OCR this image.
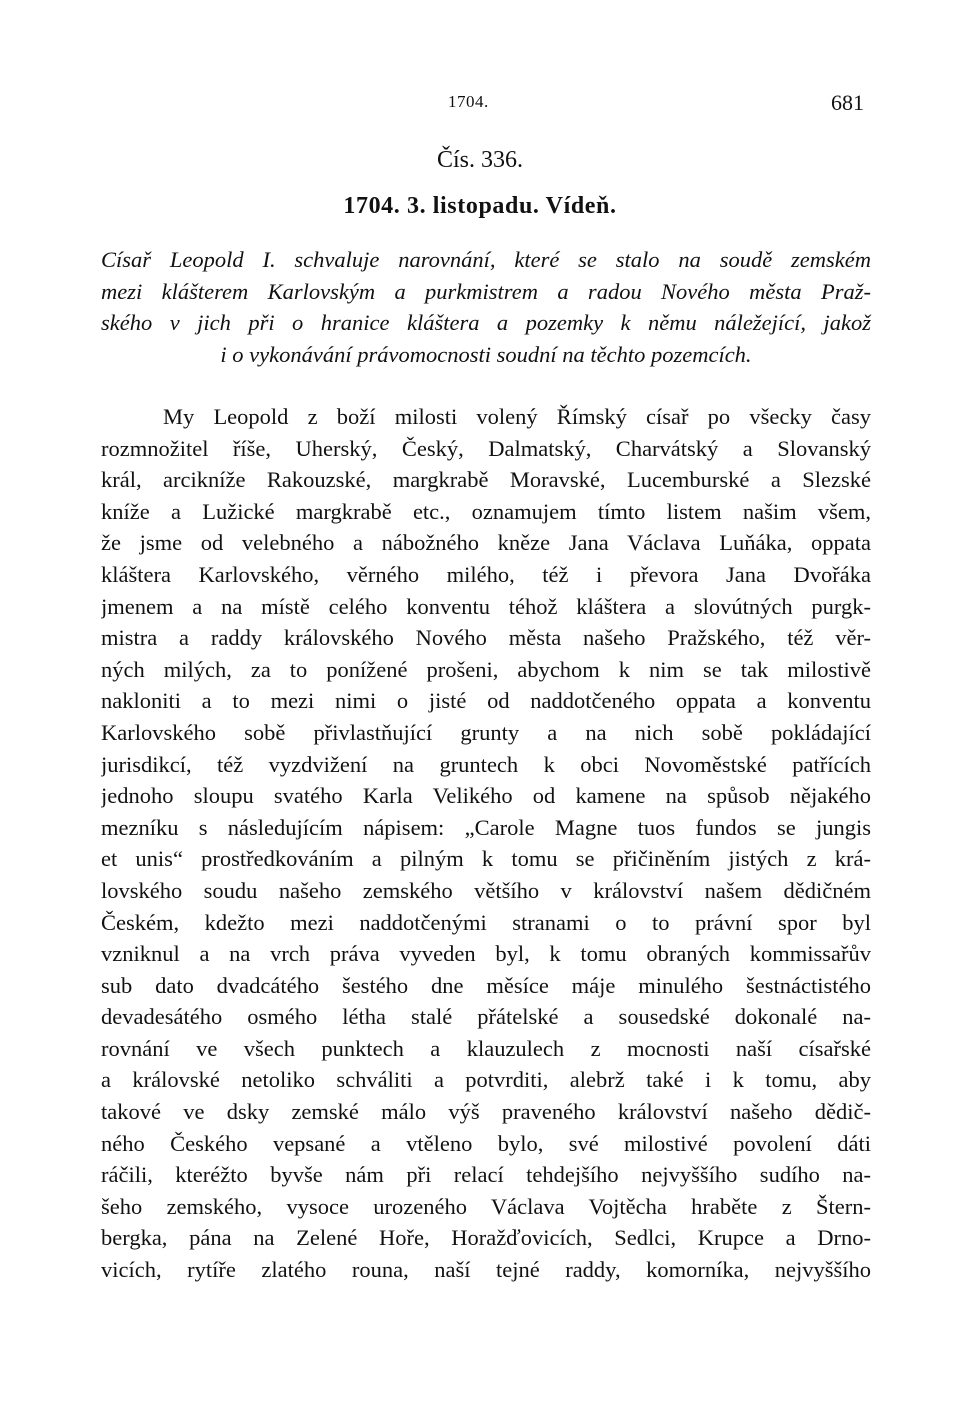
1704.	681
Čís. 336.
1704. 3. listopadu. Vídeň.
Císař Leopold I. schvaluje narovnání, které se stalo na soudě zemském
mezi klášterem Karlovským a purkmistrem a radou Nového města Praž-
ského v jich při o hranice kláštera a pozemky k němu náležející, jakož
i o vykonávání právomocnosti soudní na těchto pozemcích.
My Leopold z boží milosti volený Římský císař po všecky časy
rozmnožitel říše, Uherský, Český, Dalmatský, Charvátský a Slovanský
král, arcikníže Rakouzské, margkrabě Moravské, Lucemburské a Slezské
kníže a Lužické margkrabě etc., oznamujem tímto listem našim všem,
že jsme od velebného a nábožného kněze Jana Václava Luňáka, oppata
kláštera Karlovského, věrného milého, též i převora Jana Dvořáka
jmenem a na místě celého konventu téhož kláštera a slovútných purgk-
mistra a raddy královského Nového města našeho Pražského, též věr-
ných milých, za to ponížené prošeni, abychom k nim se tak milostivě
nakloniti a to mezi nimi o jisté od naddotčeného oppata a konventu
Karlovského sobě přivlastňující grunty a na nich sobě pokládající
jurisdikcí, též vyzdvižení na gruntech k obci Novoměstské patřících
jednoho sloupu svatého Karla Velikého od kamene na spůsob nějakého
mezníku s následujícím nápisem: „Carole Magne tuos fundos se jungis
et unis“ prostředkováním a pilným k tomu se přičiněním jistých z krá-
lovského soudu našeho zemského většího v království našem dědičném
Českém, kdežto mezi naddotčenými stranami o to právní spor byl
vzniknul a na vrch práva vyveden byl, k tomu obraných kommissařův
sub dato dvadcátého šestého dne měsíce máje minulého šestnáctistého
devadesátého osmého létha stalé přátelské a sousedské dokonalé na-
rovnání ve všech punktech a klauzulech z mocnosti naší císařské
a královské netoliko schváliti a potvrditi, alebrž také i k tomu, aby
takové ve dsky zemské málo výš praveného království našeho dědič-
ného Českého vepsané a vtěleno bylo, své milostivé povolení dáti
ráčili, kteréžto byvše nám při relací tehdejšího nejvyššího sudího na-
šeho zemského, vysoce urozeného Václava Vojtěcha hraběte z Štern-
bergka, pána na Zelené Hoře, Horažďovicích, Sedlci, Krupce a Drno-
vicích, rytíře zlatého rouna, naší tejné raddy, komorníka, nejvyššího
